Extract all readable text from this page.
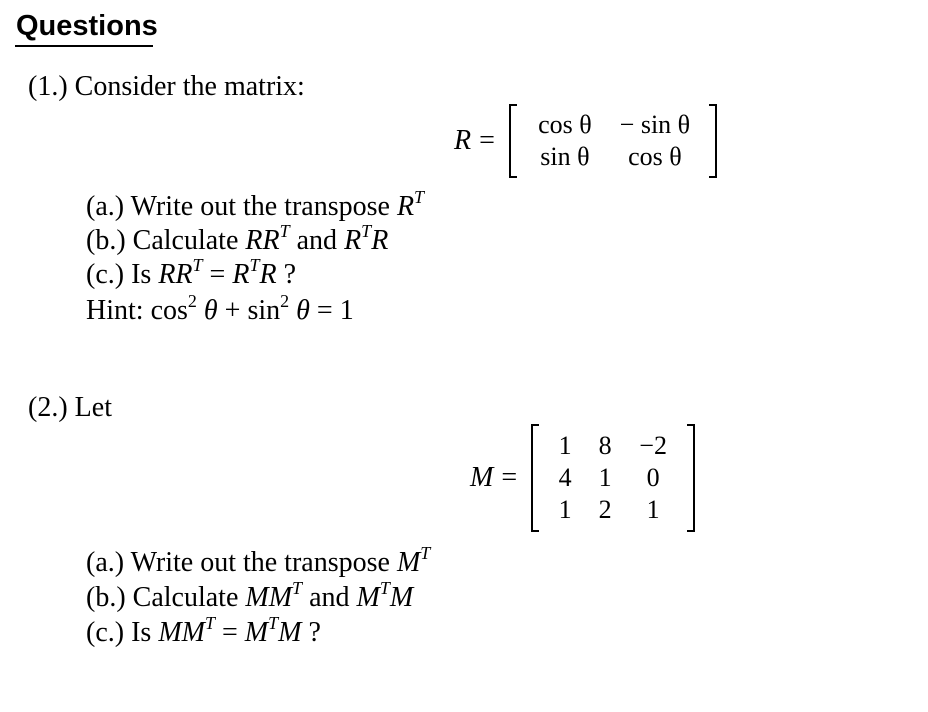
Questions
(1.) Consider the matrix:
R =
cos θ − sin θ
sin θ cos θ
(a.) Write out the transpose $R^T$
(b.) Calculate $RR^T$ and $R^TR$
(c.) Is $RR^T = R^TR$ ?
Hint: $\cos^2 \theta + \sin^2 \theta = 1$
(2.) Let
M =
1 8 −2
4 1 0
1 2 1
(a.) Write out the transpose $M^T$
(b.) Calculate $MM^T$ and $M^TM$
(c.) Is $MM^T = M^TM$ ?
